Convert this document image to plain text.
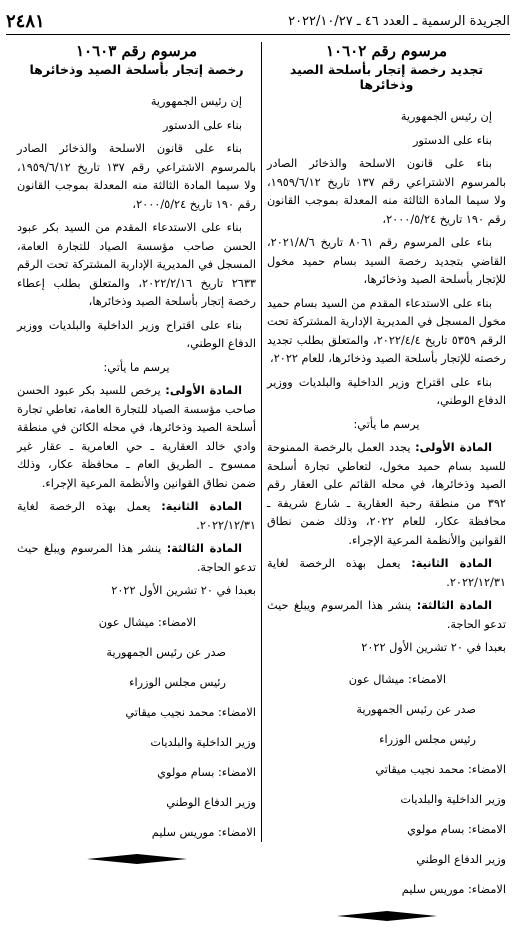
الجريدة الرسمية ـ العدد ٤٦ ـ ٢٠٢٢/١٠/٢٧
٢٤٨١
مرسوم رقم ١٠٦٠٢
تجديد رخصة إتجار بأسلحة الصيد وذخائرها

إن رئيس الجمهورية

بناء على الدستور

بناء على قانون الاسلحة والذخائر الصادر بالمرسوم الاشتراعي رقم ١٣٧ تاريخ ١٩٥٩/٦/١٢، ولا سيما المادة الثالثة منه المعدلة بموجب القانون رقم ١٩٠ تاريخ ٢٠٠٠/٥/٢٤،

بناء على المرسوم رقم ٨٠٦١ تاريخ ٢٠٢١/٨/٦، القاضي بتجديد رخصة السيد بسام حميد مخول للإتجار بأسلحة الصيد وذخائرها،

بناء على الاستدعاء المقدم من السيد بسام حميد مخول المسجل في المديرية الإدارية المشتركة تحت الرقم ٥٣٥٩ تاريخ ٢٠٢٢/٤/٤، والمتعلق بطلب تجديد رخصته للإتجار بأسلحة الصيد وذخائرها، للعام ٢٠٢٢،

بناء على اقتراح وزير الداخلية والبلديات ووزير الدفاع الوطني،

يرسم ما يأتي:

المادة الأولى: يجدد العمل بالرخصة الممنوحة للسيد بسام حميد مخول، لتعاطي تجارة أسلحة الصيد وذخائرها، في محله القائم على العقار رقم ٣٩٢ من منطقة رحبة العقارية ـ شارع شريفة ـ محافظة عكار، للعام ٢٠٢٢، وذلك ضمن نطاق القوانين والأنظمة المرعية الإجراء.

المادة الثانية: يعمل بهذه الرخصة لغاية ٢٠٢٢/١٢/٣١.

المادة الثالثة: ينشر هذا المرسوم ويبلغ حيث تدعو الحاجة.

بعبدا في ٢٠ تشرين الأول ٢٠٢٢
الامضاء: ميشال عون
صدر عن رئيس الجمهورية
رئيس مجلس الوزراء
الامضاء: محمد نجيب ميقاتي
وزير الداخلية والبلديات
الامضاء: بسام مولوي
وزير الدفاع الوطني
الامضاء: موريس سليم
مرسوم رقم ١٠٦٠٣
رخصة إتجار بأسلحة الصيد وذخائرها

إن رئيس الجمهورية

بناء على الدستور

بناء على قانون الاسلحة والذخائر الصادر بالمرسوم الاشتراعي رقم ١٣٧ تاريخ ١٩٥٩/٦/١٢، ولا سيما المادة الثالثة منه المعدلة بموجب القانون رقم ١٩٠ تاريخ ٢٠٠٠/٥/٢٤،

بناء على الاستدعاء المقدم من السيد بكر عبود الحسن صاحب مؤسسة الصياد للتجارة العامة، المسجل في المديرية الإدارية المشتركة تحت الرقم ٢٦٣٣ تاريخ ٢٠٢٢/٢/١٦، والمتعلق بطلب إعطاء رخصة إتجار بأسلحة الصيد وذخائرها،

بناء على اقتراح وزير الداخلية والبلديات ووزير الدفاع الوطني،

يرسم ما يأتي:

المادة الأولى: يرخص للسيد بكر عبود الحسن صاحب مؤسسة الصياد للتجارة العامة، تعاطي تجارة أسلحة الصيد وذخائرها، في محله الكائن في منطقة وادي خالد العقارية ـ حي العامرية ـ عقار غير ممسوح ـ الطريق العام ـ محافظة عكار، وذلك ضمن نطاق القوانين والأنظمة المرعية الإجراء.

المادة الثانية: يعمل بهذه الرخصة لغاية ٢٠٢٢/١٢/٣١.

المادة الثالثة: ينشر هذا المرسوم ويبلغ حيث تدعو الحاجة.

بعبدا في ٢٠ تشرين الأول ٢٠٢٢
الامضاء: ميشال عون
صدر عن رئيس الجمهورية
رئيس مجلس الوزراء
الامضاء: محمد نجيب ميقاتي
وزير الداخلية والبلديات
الامضاء: بسام مولوي
وزير الدفاع الوطني
الامضاء: موريس سليم
